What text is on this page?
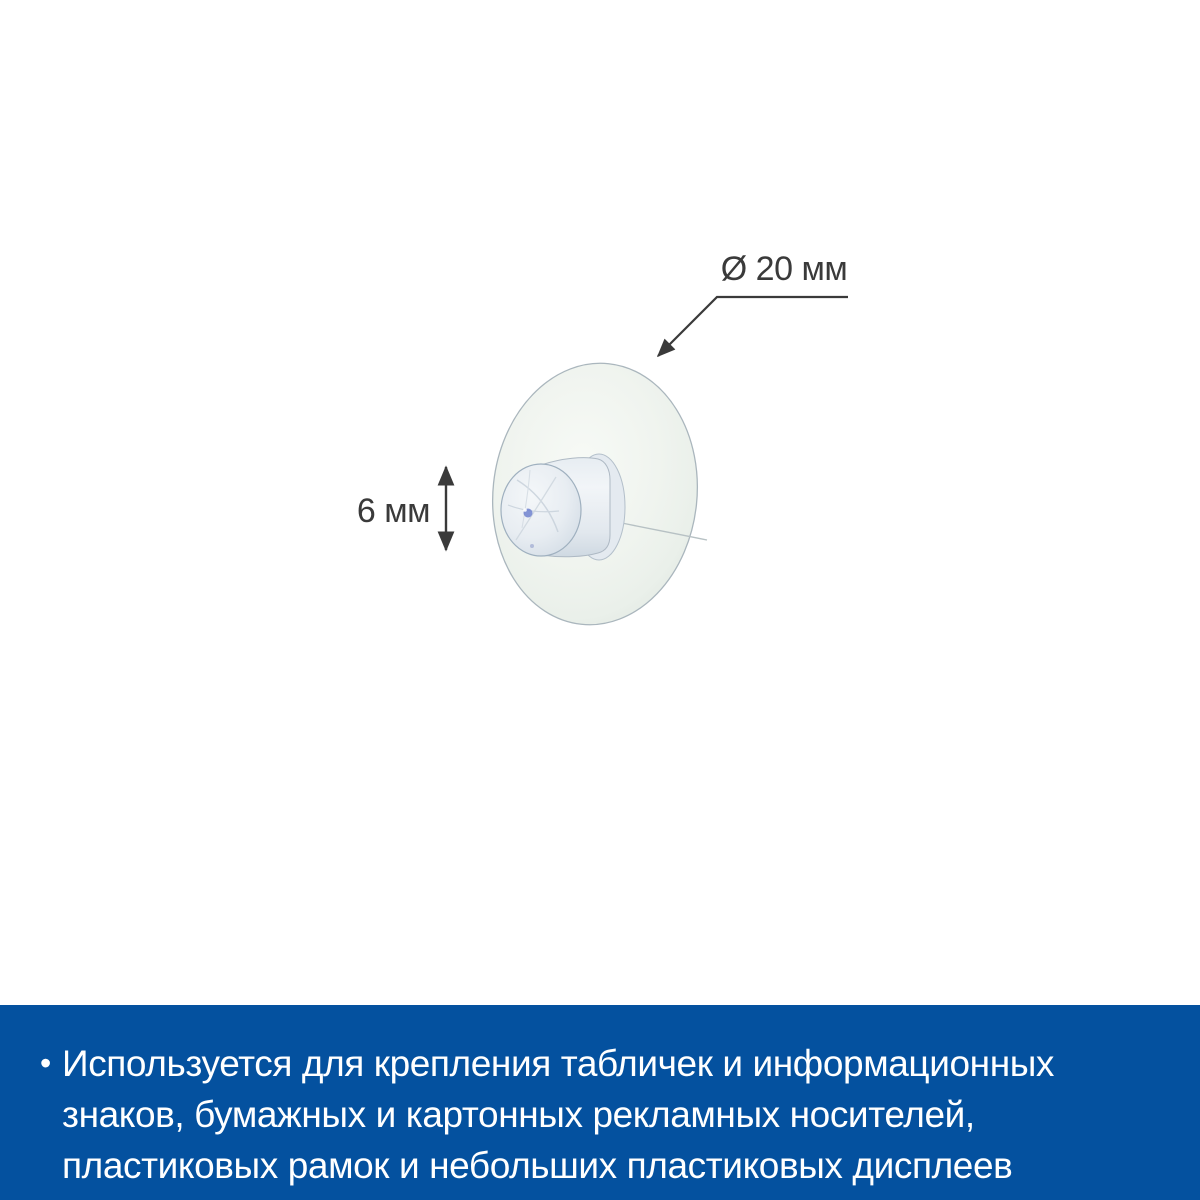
Ø 20 мм
6 мм
• Используется для крепления табличек и информационных
знаков, бумажных и картонных рекламных носителей,
пластиковых рамок и небольших пластиковых дисплеев
